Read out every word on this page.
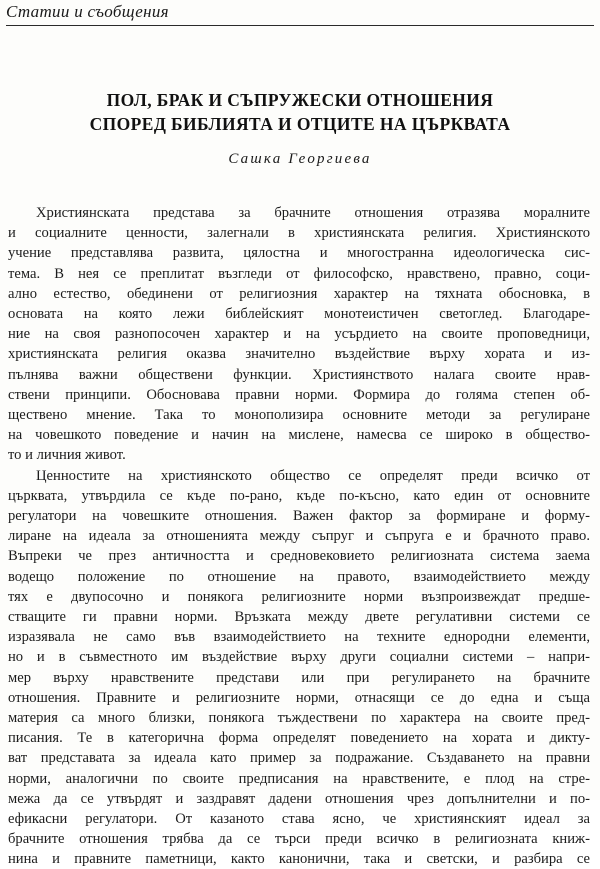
Статии и съобщения
ПОЛ, БРАК И СЪПРУЖЕСКИ ОТНОШЕНИЯ
СПОРЕД БИБЛИЯТА И ОТЦИТЕ НА ЦЪРКВАТА
Сашка Георгиева
Християнската представа за брачните отношения отразява моралните
и социалните ценности, залегнали в християнската религия. Християнското
учение представлява развита, цялостна и многостранна идеологическа сис-
тема. В нея се преплитат възгледи от философско, нравствено, правно, соци-
ално естество, обединени от религиозния характер на тяхната обосновка, в
основата на която лежи библейският монотеистичен светоглед. Благодаре-
ние на своя разнопосочен характер и на усърдието на своите проповедници,
християнската религия оказва значително въздействие върху хората и из-
пълнява важни обществени функции. Християнството налага своите нрав-
ствени принципи. Обосновава правни норми. Формира до голяма степен об-
ществено мнение. Така то монополизира основните методи за регулиране
на човешкото поведение и начин на мислене, намесва се широко в общество-
то и личния живот.
Ценностите на християнското общество се определят преди всичко от
църквата, утвърдила се къде по-рано, къде по-късно, като един от основните
регулатори на човешките отношения. Важен фактор за формиране и форму-
лиране на идеала за отношенията между съпруг и съпруга е и брачното право.
Въпреки че през античността и средновековието религиозната система заема
водещо положение по отношение на правото, взаимодействието между
тях е двупосочно и понякога религиозните норми възпроизвеждат предше-
стващите ги правни норми. Връзката между двете регулативни системи се
изразявала не само във взаимодействието на техните еднородни елементи,
но и в съвместното им въздействие върху други социални системи – напри-
мер върху нравствените представи или при регулирането на брачните
отношения. Правните и религиозните норми, отнасящи се до една и съща
материя са много близки, понякога тъждествени по характера на своите пред-
писания. Те в категорична форма определят поведението на хората и дикту-
ват представата за идеала като пример за подражание. Създаването на правни
норми, аналогични по своите предписания на нравствените, е плод на стре-
межа да се утвърдят и заздравят дадени отношения чрез допълнителни и по-
ефикасни регулатори. От казаното става ясно, че християнският идеал за
брачните отношения трябва да се търси преди всичко в религиозната книж-
нина и правните паметници, както канонични, така и светски, и разбира се
